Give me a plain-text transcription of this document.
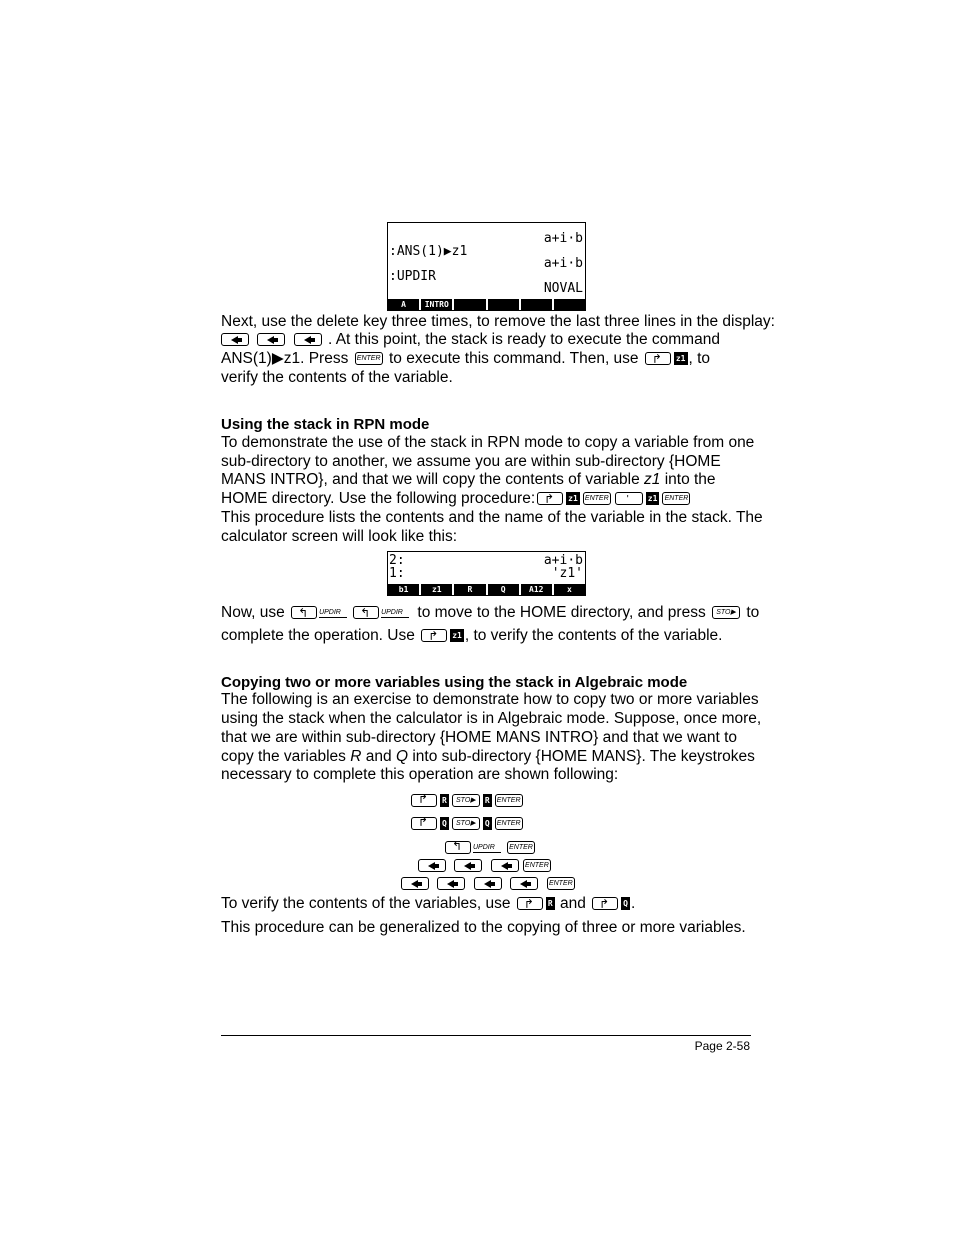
a+i·b
:ANS(1)▶z1
a+i·b
:UPDIR
NOVAL
A	INTRO
Next, use the delete key three times, to remove the last three lines in the display:
. At this point, the stack is ready to execute the command
ANS(1)▶z1. Press ENTER to execute this command. Then, use ↱	z1 , to
verify the contents of the variable.
Using the stack in RPN mode
To demonstrate the use of the stack in RPN mode to copy a variable from one
sub-directory to another, we assume you are within sub-directory {HOME
MANS INTRO}, and that we will copy the contents of variable z1 into the
HOME directory. Use the following procedure: ↱	z1 ENTER '	z1 ENTER
This procedure lists the contents and the name of the variable in the stack. The
calculator screen will look like this:
2:	a+i·b
1:	'z1'
b1	z1	R	Q	A12	x
Now, use ↰	UPDIR ↰	UPDIR to move to the HOME directory, and press STO▶ to
complete the operation. Use ↱	z1 , to verify the contents of the variable.
Copying two or more variables using the stack in Algebraic mode
The following is an exercise to demonstrate how to copy two or more variables
using the stack when the calculator is in Algebraic mode. Suppose, once more,
that we are within sub-directory {HOME MANS INTRO} and that we want to
copy the variables R and Q into sub-directory {HOME MANS}. The keystrokes
necessary to complete this operation are shown following:
↱R STO▶ R ENTER
↱Q STO▶ Q ENTER
↰UPDIR ENTER
ENTER
ENTER
To verify the contents of the variables, use ↱	R and ↱	Q .
This procedure can be generalized to the copying of three or more variables.
Page 2-58
